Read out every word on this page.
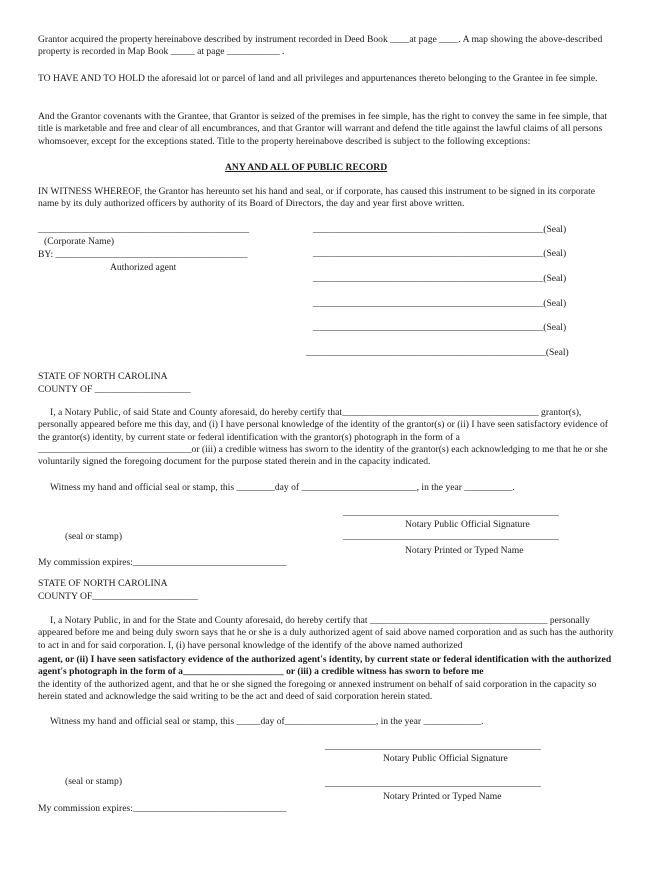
Grantor acquired the property hereinabove described by instrument recorded in Deed Book ____at page ____. A map showing the above-described property is recorded in Map Book _____ at page ___________ .
TO HAVE AND TO HOLD the aforesaid lot or parcel of land and all privileges and appurtenances thereto belonging to the Grantee in fee simple.
And the Grantor covenants with the Grantee, that Grantor is seized of the premises in fee simple, has the right to convey the same in fee simple, that title is marketable and free and clear of all encumbrances, and that Grantor will warrant and defend the title against the lawful claims of all persons whomsoever, except for the exceptions stated. Title to the property hereinabove described is subject to the following exceptions:
ANY AND ALL OF PUBLIC RECORD
IN WITNESS WHEREOF, the Grantor has hereunto set his hand and seal, or if corporate, has caused this instrument to be signed in its corporate name by its duly authorized officers by authority of its Board of Directors, the day and year first above written.
____________________________________________
(Corporate Name)
BY: ________________________________________
Authorized agent
________________________________________________(Seal)
________________________________________________(Seal)
________________________________________________(Seal)
________________________________________________(Seal)
________________________________________________(Seal)
__________________________________________________(Seal)
STATE OF NORTH CAROLINA
COUNTY OF ____________________
I, a Notary Public, of said State and County aforesaid, do hereby certify that_________________________________________ grantor(s), personally appeared before me this day, and (i) I have personal knowledge of the identity of the grantor(s) or (ii) I have seen satisfactory evidence of the grantor(s) identity, by current state or federal identification with the grantor(s) photograph in the form of a ________________________________or (iii) a credible witness has sworn to the identity of the grantor(s) each acknowledging to me that he or she voluntarily signed the foregoing document for the purpose stated therein and in the capacity indicated.
Witness my hand and official seal or stamp, this ________day of ________________________, in the year __________.
_____________________________________________
Notary Public Official Signature
_____________________________________________
(seal or stamp)
Notary Printed or Typed Name
My commission expires:________________________________
STATE OF NORTH CAROLINA
COUNTY OF______________________
I, a Notary Public, in and for the State and County aforesaid, do hereby certify that _____________________________________ personally appeared before me and being duly sworn says that he or she is a duly authorized agent of said above named corporation and as such has the authority to act in and for said corporation. I, (i) have personal knowledge of the identify of the above named authorized
agent, or (ii) I have seen satisfactory evidence of the authorized agent's identity, by current state or federal identification with the authorized agent's photograph in the form of a_____________________ or (iii) a credible witness has sworn to before me
the identity of the authorized agent, and that he or she signed the foregoing or annexed instrument on behalf of said corporation in the capacity so herein stated and acknowledge the said writing to be the act and deed of said corporation herein stated.
Witness my hand and official seal or stamp, this _____day of___________________, in the year ____________.
_____________________________________________
Notary Public Official Signature
(seal or stamp)	_____________________________________________
Notary Printed or Typed Name
My commission expires:________________________________
